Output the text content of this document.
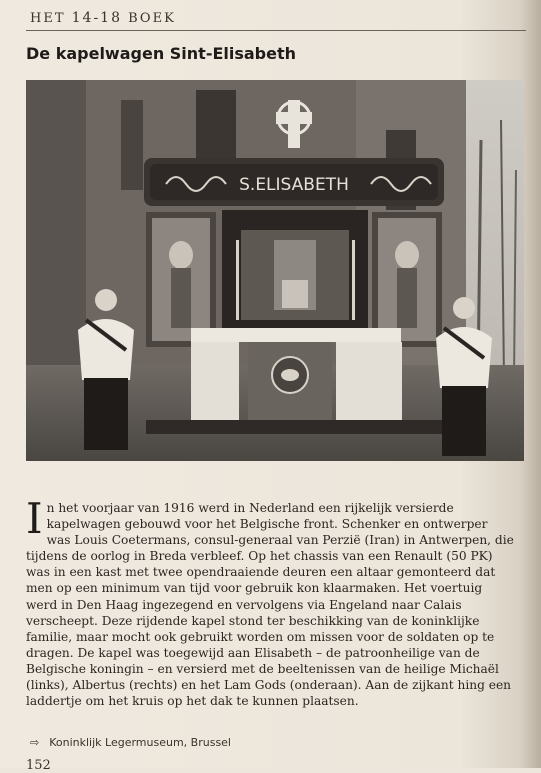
HET 14-18 BOEK
De kapelwagen Sint-Elisabeth
S.ELISABETH

In het voorjaar van 1916 werd in Nederland een rijkelijk versierde kapelwagen gebouwd voor het Belgische front. Schenker en ontwerper was Louis Coetermans, consul-generaal van Perzië (Iran) in Antwerpen, die tijdens de oorlog in Breda verbleef. Op het chassis van een Renault (50 PK) was in een kast met twee opendraaiende deuren een altaar gemonteerd dat men op een minimum van tijd voor gebruik kon klaarmaken. Het voertuig werd in Den Haag ingezegend en vervolgens via Engeland naar Calais verscheept. Deze rijdende kapel stond ter beschikking van de koninklijke familie, maar mocht ook gebruikt worden om missen voor de soldaten op te dragen. De kapel was toegewijd aan Elisabeth – de patroonheilige van de Belgische koningin – en versierd met de beeltenissen van de heilige Michaël (links), Albertus (rechts) en het Lam Gods (onderaan). Aan de zijkant hing een laddertje om het kruis op het dak te kunnen plaatsen.

⇨ Koninklijk Legermuseum, Brussel
152
